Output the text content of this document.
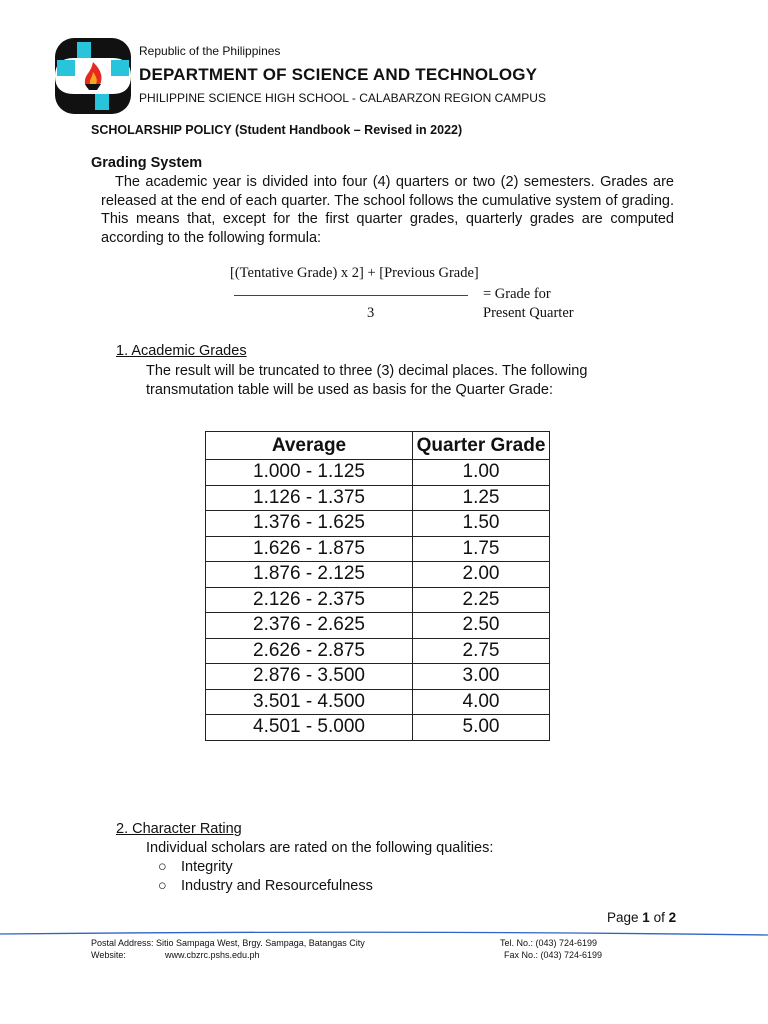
Republic of the Philippines
DEPARTMENT OF SCIENCE AND TECHNOLOGY
PHILIPPINE SCIENCE HIGH SCHOOL - CALABARZON REGION CAMPUS
SCHOLARSHIP POLICY (Student Handbook – Revised in 2022)
Grading System
The academic year is divided into four (4) quarters or two (2) semesters. Grades are released at the end of each quarter. The school follows the cumulative system of grading. This means that, except for the first quarter grades, quarterly grades are computed according to the following formula:
[(Tentative Grade) x 2] + [Previous Grade]
3
= Grade for
Present Quarter
1. Academic Grades
The result will be truncated to three (3) decimal places. The following transmutation table will be used as basis for the Quarter Grade:
Average	Quarter Grade
1.000 - 1.125	1.00
1.126 - 1.375	1.25
1.376 - 1.625	1.50
1.626 - 1.875	1.75
1.876 - 2.125	2.00
2.126 - 2.375	2.25
2.376 - 2.625	2.50
2.626 - 2.875	2.75
2.876 - 3.500	3.00
3.501 - 4.500	4.00
4.501 - 5.000	5.00
2. Character Rating
Individual scholars are rated on the following qualities:
○ Integrity
○ Industry and Resourcefulness
Page 1 of 2
Postal Address: Sitio Sampaga West, Brgy. Sampaga, Batangas City
Website:	www.cbzrc.pshs.edu.ph
Tel. No.: (043) 724-6199
Fax No.: (043) 724-6199
